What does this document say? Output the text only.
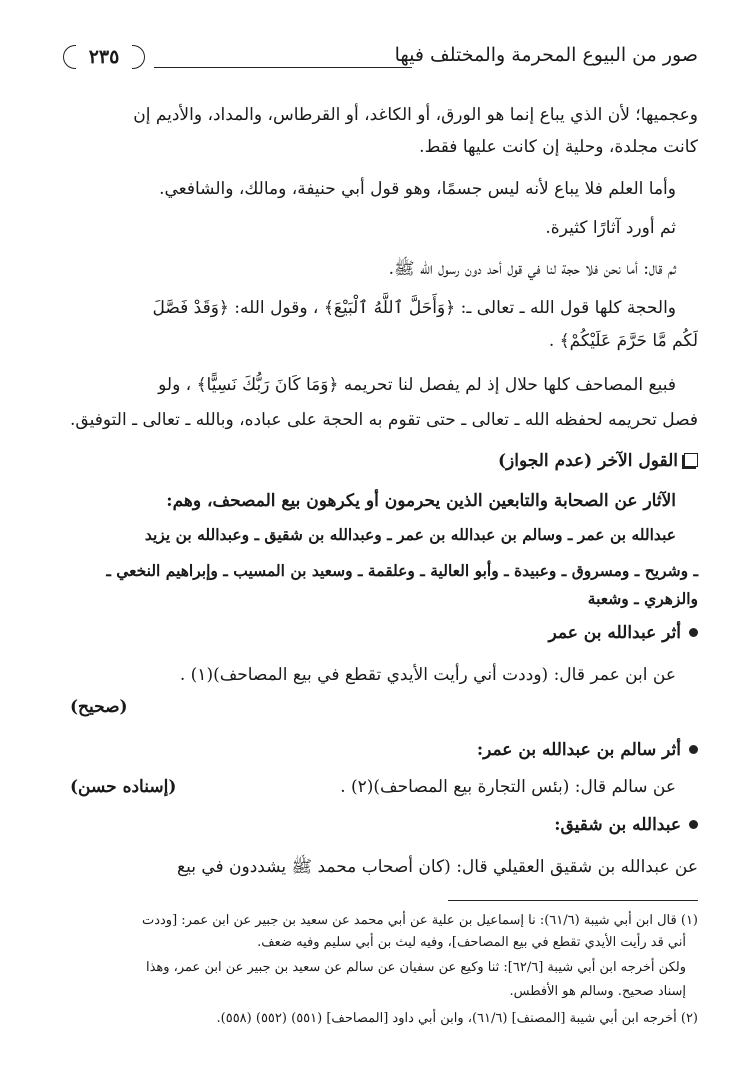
صور من البيوع المحرمة والمختلف فيها
٢٣٥
وعجميها؛ لأن الذي يباع إنما هو الورق، أو الكاغد، أو القرطاس، والمداد، والأديم إن
كانت مجلدة، وحلية إن كانت عليها فقط.
وأما العلم فلا يباع لأنه ليس جسمًا، وهو قول أبي حنيفة، ومالك، والشافعي.
ثم أورد آثارًا كثيرة.
ثم قال: أما نحن فلا حجة لنا في قول أحد دون رسول الله ﷺ.
والحجة كلها قول الله ـ تعالى ـ: ﴿وَأَحَلَّ ٱللَّهُ ٱلْبَيْعَ﴾ ، وقول الله: ﴿وَقَدْ فَصَّلَ
لَكُم مَّا حَرَّمَ عَلَيْكُمْ﴾ .
فبيع المصاحف كلها حلال إذ لم يفصل لنا تحريمه ﴿وَمَا كَانَ رَبُّكَ نَسِيًّا﴾ ، ولو
فصل تحريمه لحفظه الله ـ تعالى ـ حتى تقوم به الحجة على عباده، وبالله ـ تعالى ـ التوفيق.
القول الآخر (عدم الجواز)
الآثار عن الصحابة والتابعين الذين يحرمون أو يكرهون بيع المصحف، وهم:
عبدالله بن عمر ـ وسالم بن عبدالله بن عمر ـ وعبدالله بن شقيق ـ وعبدالله بن يزيد
ـ وشريح ـ ومسروق ـ وعبيدة ـ وأبو العالية ـ وعلقمة ـ وسعيد بن المسيب ـ وإبراهيم النخعي ـ
والزهري ـ وشعبة
أثر عبدالله بن عمر
عن ابن عمر قال: (وددت أني رأيت الأيدي تقطع في بيع المصاحف)(١) .
(صحيح)
أثر سالم بن عبدالله بن عمر:
عن سالم قال: (بئس التجارة بيع المصاحف)(٢) .
(إسناده حسن)
عبدالله بن شقيق:
عن عبدالله بن شقيق العقيلي قال: (كان أصحاب محمد ﷺ يشددون في بيع
(١) قال ابن أبي شيبة (٦١/٦): نا إسماعيل بن علية عن أبي محمد عن سعيد بن جبير عن ابن عمر: [وددت
أني قد رأيت الأيدي تقطع في بيع المصاحف]، وفيه ليث بن أبي سليم وفيه ضعف.
ولكن أخرجه ابن أبي شيبة [٦٢/٦]: ثنا وكيع عن سفيان عن سالم عن سعيد بن جبير عن ابن عمر، وهذا
إسناد صحيح. وسالم هو الأفطس.
(٢) أخرجه ابن أبي شيبة [المصنف] (٦١/٦)، وابن أبي داود [المصاحف] (٥٥١) (٥٥٢) (٥٥٨).
